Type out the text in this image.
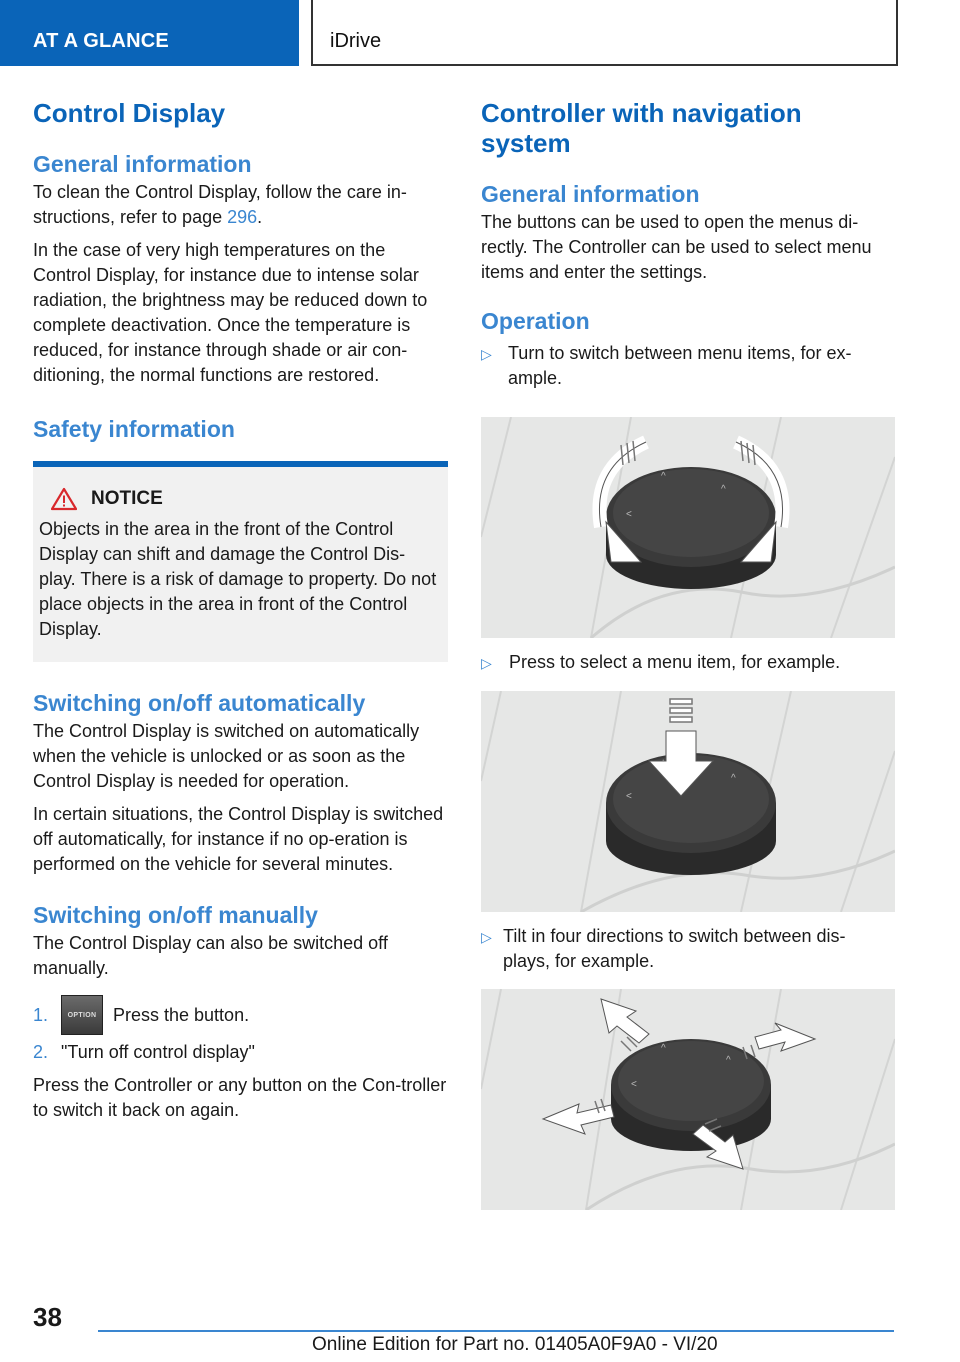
AT A GLANCE	iDrive
Control Display
General information

To clean the Control Display, follow the care in-structions, refer to page 296.

In the case of very high temperatures on the Control Display, for instance due to intense solar radiation, the brightness may be reduced down to complete deactivation. Once the temperature is reduced, for instance through shade or air con-ditioning, the normal functions are restored.

Safety information
NOTICE

Objects in the area in the front of the Control Display can shift and damage the Control Dis-play. There is a risk of damage to property. Do not place objects in the area in front of the Control Display.

Switching on/off automatically

The Control Display is switched on automatically when the vehicle is unlocked or as soon as the Control Display is needed for operation.

In certain situations, the Control Display is switched off automatically, for instance if no op-eration is performed on the vehicle for several minutes.

Switching on/off manually

The Control Display can also be switched off manually.

1.	OPTION Press the button.
2. "Turn off control display"

Press the Controller or any button on the Con-troller to switch it back on again.

Controller with navigation system
General information

The buttons can be used to open the menus di-rectly. The Controller can be used to select menu items and enter the settings.

Operation
▷ Turn to switch between menu items, for ex-ample.
^
^
<
▷ Press to select a menu item, for example.
^
<
▷ Tilt in four directions to switch between dis-plays, for example.
^
^
<
38
Online Edition for Part no. 01405A0F9A0 - VI/20
